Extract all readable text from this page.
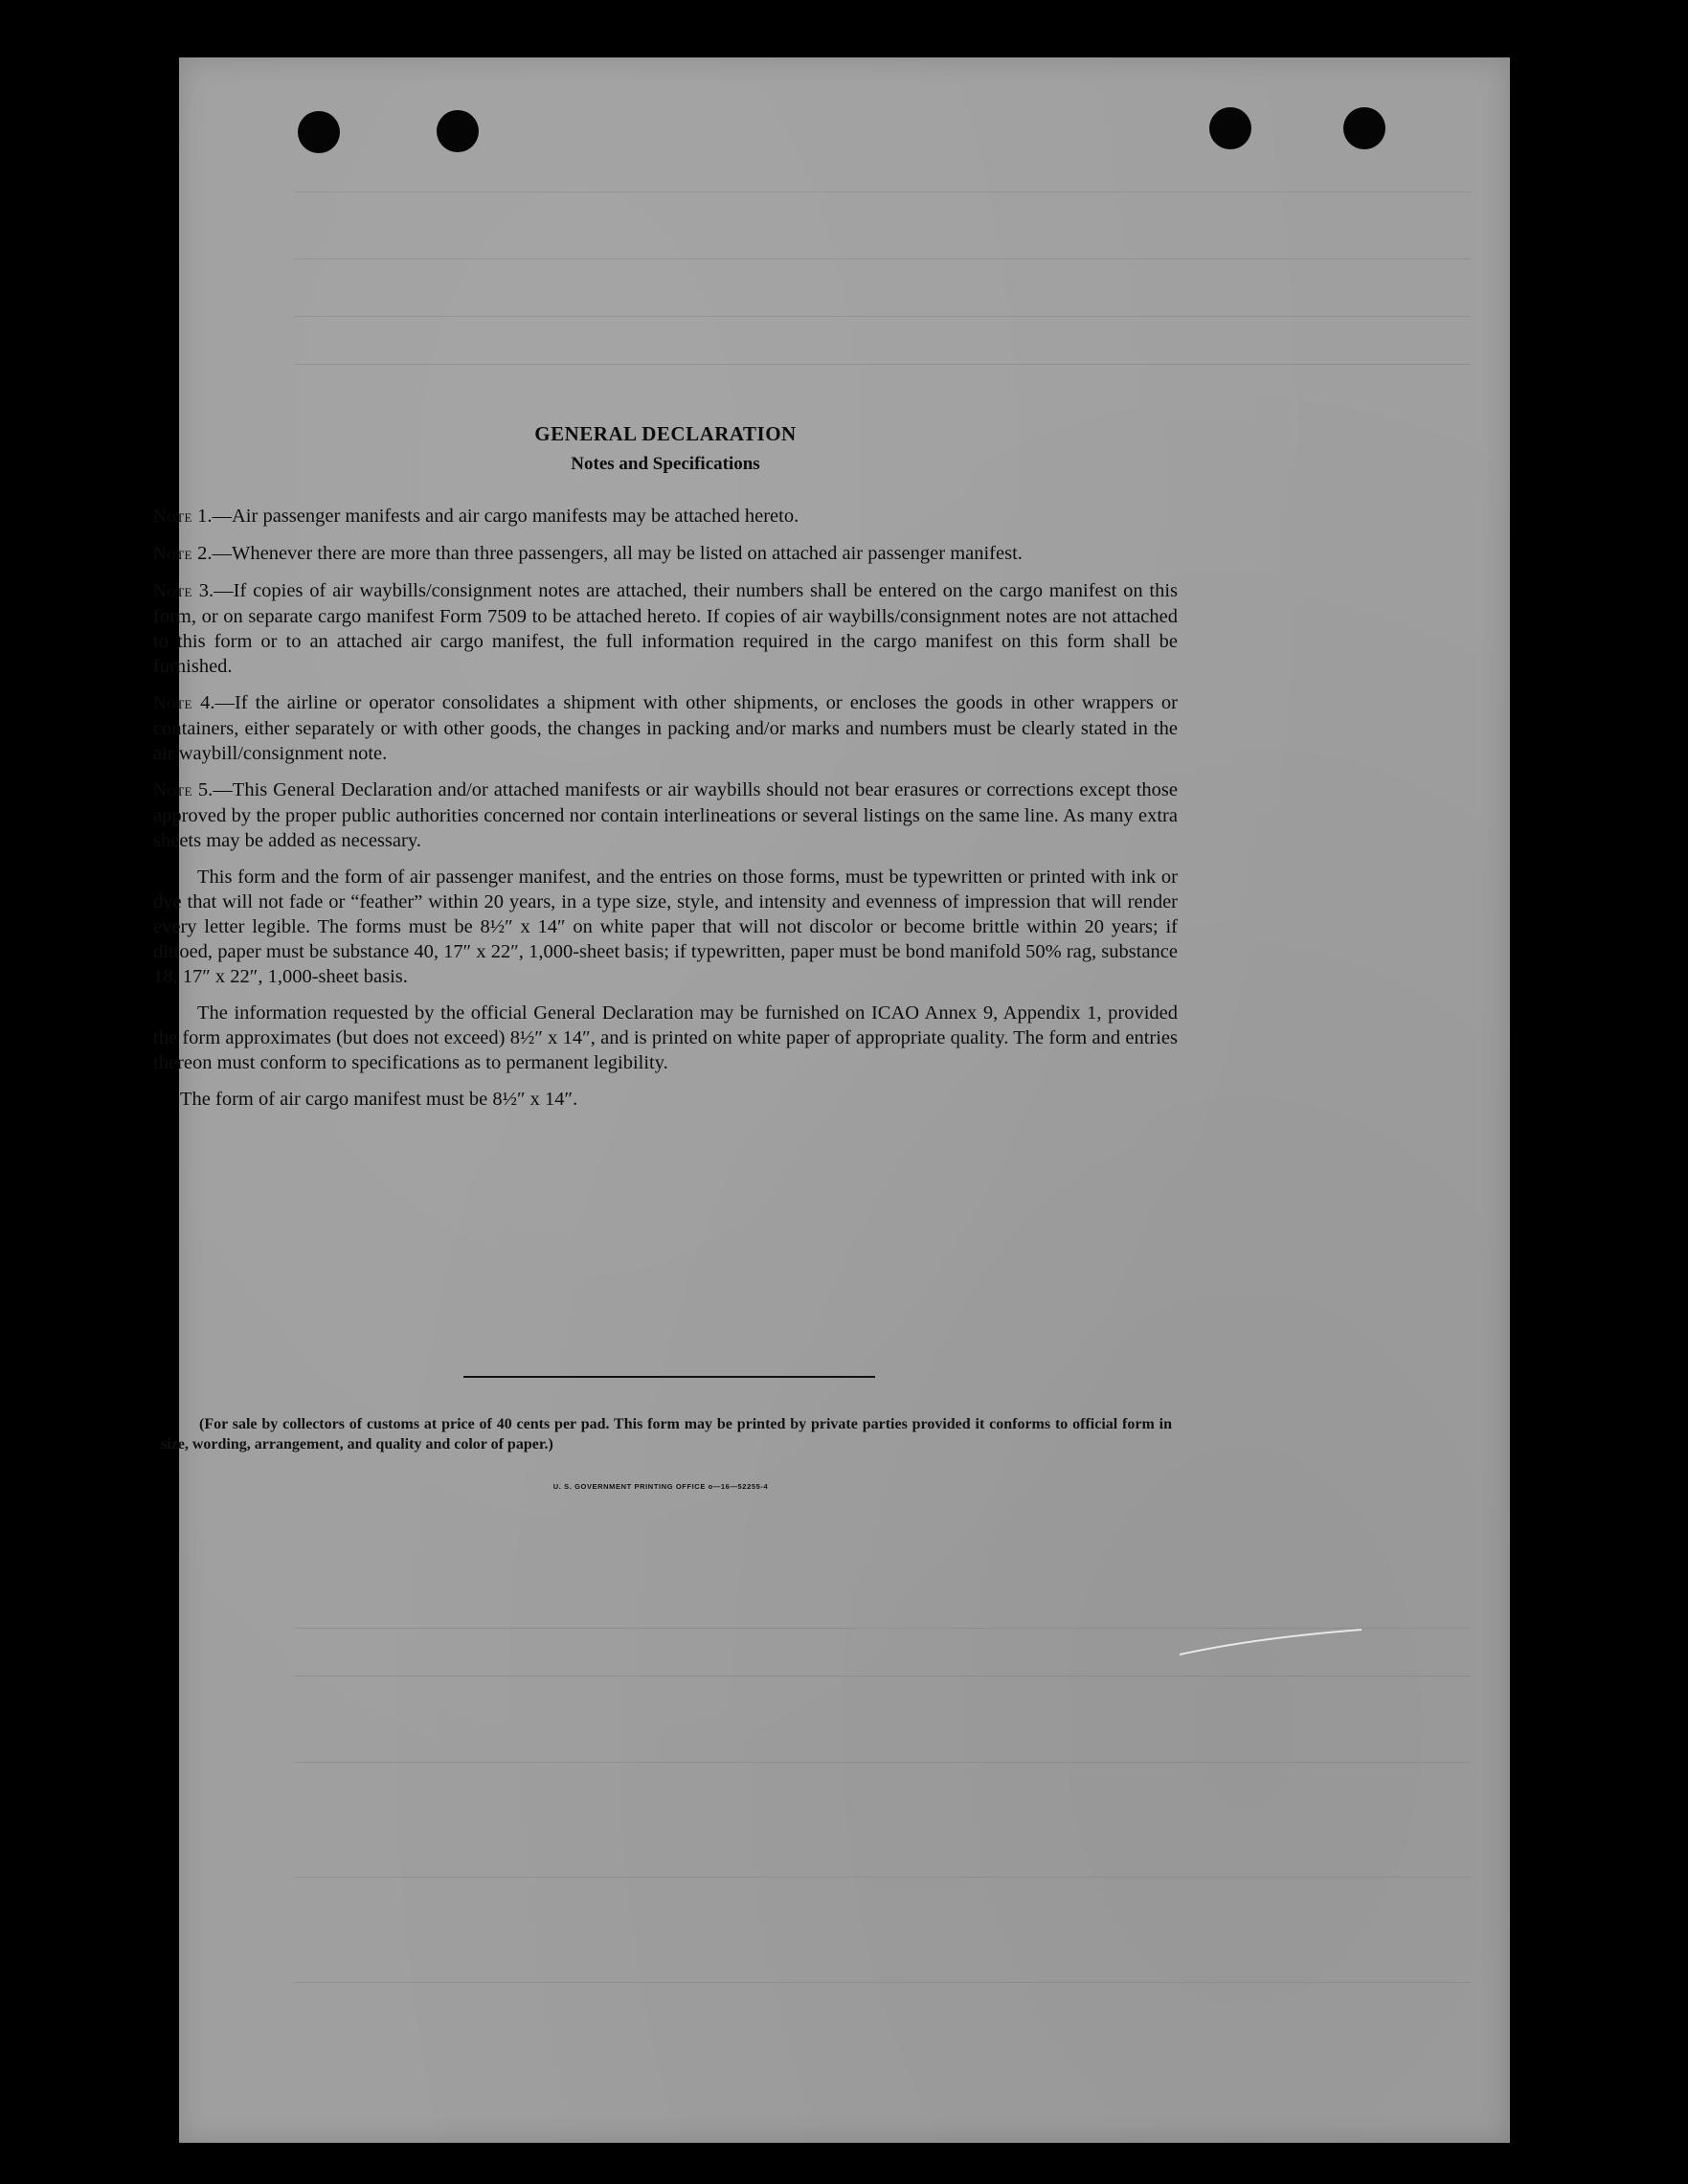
GENERAL DECLARATION
Notes and Specifications
Note 1.—Air passenger manifests and air cargo manifests may be attached hereto.
Note 2.—Whenever there are more than three passengers, all may be listed on attached air passenger manifest.
Note 3.—If copies of air waybills/consignment notes are attached, their numbers shall be entered on the cargo manifest on this form, or on separate cargo manifest Form 7509 to be attached hereto. If copies of air waybills/consignment notes are not attached to this form or to an attached air cargo manifest, the full information required in the cargo manifest on this form shall be furnished.
Note 4.—If the airline or operator consolidates a shipment with other shipments, or encloses the goods in other wrappers or containers, either separately or with other goods, the changes in packing and/or marks and numbers must be clearly stated in the air waybill/consignment note.
Note 5.—This General Declaration and/or attached manifests or air waybills should not bear erasures or corrections except those approved by the proper public authorities concerned nor contain interlineations or several listings on the same line. As many extra sheets may be added as necessary.
This form and the form of air passenger manifest, and the entries on those forms, must be typewritten or printed with ink or dye that will not fade or “feather” within 20 years, in a type size, style, and intensity and evenness of impression that will render every letter legible. The forms must be 8½″ x 14″ on white paper that will not discolor or become brittle within 20 years; if dittoed, paper must be substance 40, 17″ x 22″, 1,000-sheet basis; if typewritten, paper must be bond manifold 50% rag, substance 18, 17″ x 22″, 1,000-sheet basis.
The information requested by the official General Declaration may be furnished on ICAO Annex 9, Appendix 1, provided the form approximates (but does not exceed) 8½″ x 14″, and is printed on white paper of appropriate quality. The form and entries thereon must conform to specifications as to permanent legibility.
The form of air cargo manifest must be 8½″ x 14″.
(For sale by collectors of customs at price of 40 cents per pad. This form may be printed by private parties provided it conforms to official form in size, wording, arrangement, and quality and color of paper.)
U. S. GOVERNMENT PRINTING OFFICE o—16—52255-4
